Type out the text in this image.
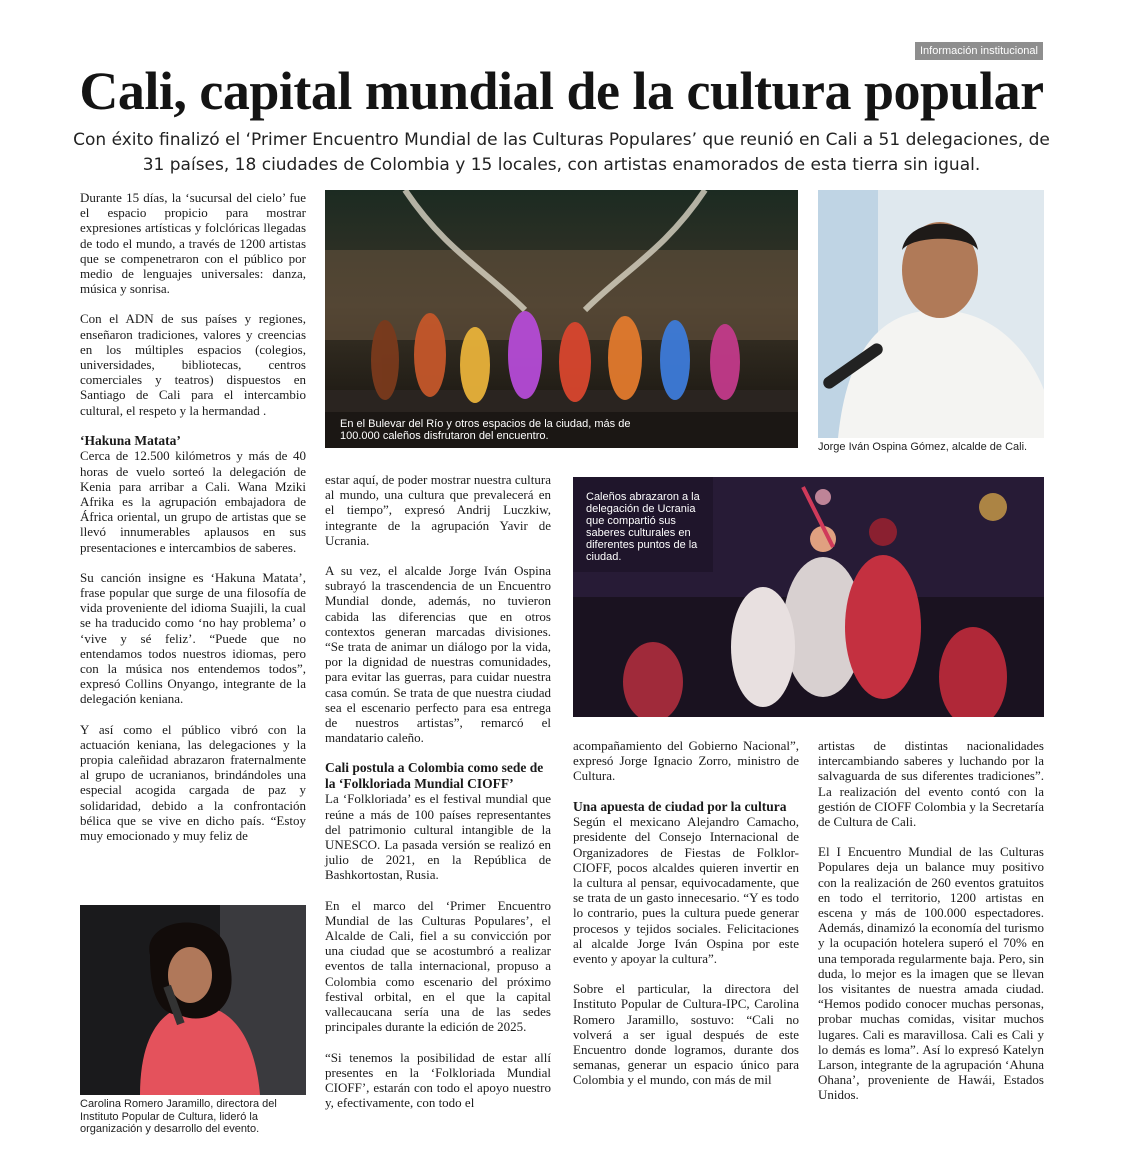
Información institucional
Cali, capital mundial de la cultura popular

Con éxito finalizó el ‘Primer Encuentro Mundial de las Culturas Populares’ que reunió en Cali a 51 delegaciones, de 31 países, 18 ciudades de Colombia y 15 locales, con artistas enamorados de esta tierra sin igual.

Durante 15 días, la ‘sucursal del cielo’ fue el espacio propicio para mostrar expresiones artísticas y folclóricas llegadas de todo el mundo, a través de 1200 artistas que se compenetraron con el público por medio de lenguajes universales: danza, música y sonrisa.

Con el ADN de sus países y regiones, enseñaron tradiciones, valores y creencias en los múltiples espacios (colegios, universidades, bibliotecas, centros comerciales y teatros) dispuestos en Santiago de Cali para el intercambio cultural, el respeto y la hermandad .

‘Hakuna Matata’

Cerca de 12.500 kilómetros y más de 40 horas de vuelo sorteó la delegación de Kenia para arribar a Cali. Wana Mziki Afrika es la agrupación embajadora de África oriental, un grupo de artistas que se llevó innumerables aplausos en sus presentaciones e intercambios de saberes.

Su canción insigne es ‘Hakuna Matata’, frase popular que surge de una filosofía de vida proveniente del idioma Suajili, la cual se ha traducido como ‘no hay problema’ o ‘vive y sé feliz’. “Puede que no entendamos todos nuestros idiomas, pero con la música nos entendemos todos”, expresó Collins Onyango, integrante de la delegación keniana.

Y así como el público vibró con la actuación keniana, las delegaciones y la propia caleñidad abrazaron fraternalmente al grupo de ucranianos, brindándoles una especial acogida cargada de paz y solidaridad, debido a la confrontación bélica que se vive en dicho país. “Estoy muy emocionado y muy feliz de

estar aquí, de poder mostrar nuestra cultura al mundo, una cultura que prevalecerá en el tiempo”, expresó Andrij Luczkiw, integrante de la agrupación Yavir de Ucrania.

A su vez, el alcalde Jorge Iván Ospina subrayó la trascendencia de un Encuentro Mundial donde, además, no tuvieron cabida las diferencias que en otros contextos generan marcadas divisiones. “Se trata de animar un diálogo por la vida, por la dignidad de nuestras comunidades, para evitar las guerras, para cuidar nuestra casa común. Se trata de que nuestra ciudad sea el escenario perfecto para esa entrega de nuestros artistas”, remarcó el mandatario caleño.

Cali postula a Colombia como sede de la ‘Folkloriada Mundial CIOFF’

La ‘Folkloriada’ es el festival mundial que reúne a más de 100 países representantes del patrimonio cultural intangible de la UNESCO. La pasada versión se realizó en julio de 2021, en la República de Bashkortostan, Rusia.

En el marco del ‘Primer Encuentro Mundial de las Culturas Populares’, el Alcalde de Cali, fiel a su convicción por una ciudad que se acostumbró a realizar eventos de talla internacional, propuso a Colombia como escenario del próximo festival orbital, en el que la capital vallecaucana sería una de las sedes principales durante la edición de 2025.

“Si tenemos la posibilidad de estar allí presentes en la ‘Folkloriada Mundial CIOFF’, estarán con todo el apoyo nuestro y, efectivamente, con todo el

acompañamiento del Gobierno Nacional”, expresó Jorge Ignacio Zorro, ministro de Cultura.

Una apuesta de ciudad por la cultura

Según el mexicano Alejandro Camacho, presidente del Consejo Internacional de Organizadores de Fiestas de Folklor-CIOFF, pocos alcaldes quieren invertir en la cultura al pensar, equivocadamente, que se trata de un gasto innecesario. “Y es todo lo contrario, pues la cultura puede generar procesos y tejidos sociales. Felicitaciones al alcalde Jorge Iván Ospina por este evento y apoyar la cultura”.

Sobre el particular, la directora del Instituto Popular de Cultura-IPC, Carolina Romero Jaramillo, sostuvo: “Cali no volverá a ser igual después de este Encuentro donde logramos, durante dos semanas, generar un espacio único para Colombia y el mundo, con más de mil

artistas de distintas nacionalidades intercambiando saberes y luchando por la salvaguarda de sus diferentes tradiciones”. La realización del evento contó con la gestión de CIOFF Colombia y la Secretaría de Cultura de Cali.

El I Encuentro Mundial de las Culturas Populares deja un balance muy positivo con la realización de 260 eventos gratuitos en todo el territorio, 1200 artistas en escena y más de 100.000 espectadores. Además, dinamizó la economía del turismo y la ocupación hotelera superó el 70% en una temporada regularmente baja. Pero, sin duda, lo mejor es la imagen que se llevan los visitantes de nuestra amada ciudad. “Hemos podido conocer muchas personas, probar muchas comidas, visitar muchos lugares. Cali es maravillosa. Cali es Cali y lo demás es loma”. Así lo expresó Katelyn Larson, integrante de la agrupación ‘Ahuna Ohana’, proveniente de Hawái, Estados Unidos.

En el Bulevar del Río y otros espacios de la ciudad, más de 100.000 caleños disfrutaron del encuentro.
Jorge Iván Ospina Gómez, alcalde de Cali.
Caleños abrazaron a la delegación de Ucrania que compartió sus saberes culturales en diferentes puntos de la ciudad.
Carolina Romero Jaramillo, directora del Instituto Popular de Cultura, lideró la organización y desarrollo del evento.
